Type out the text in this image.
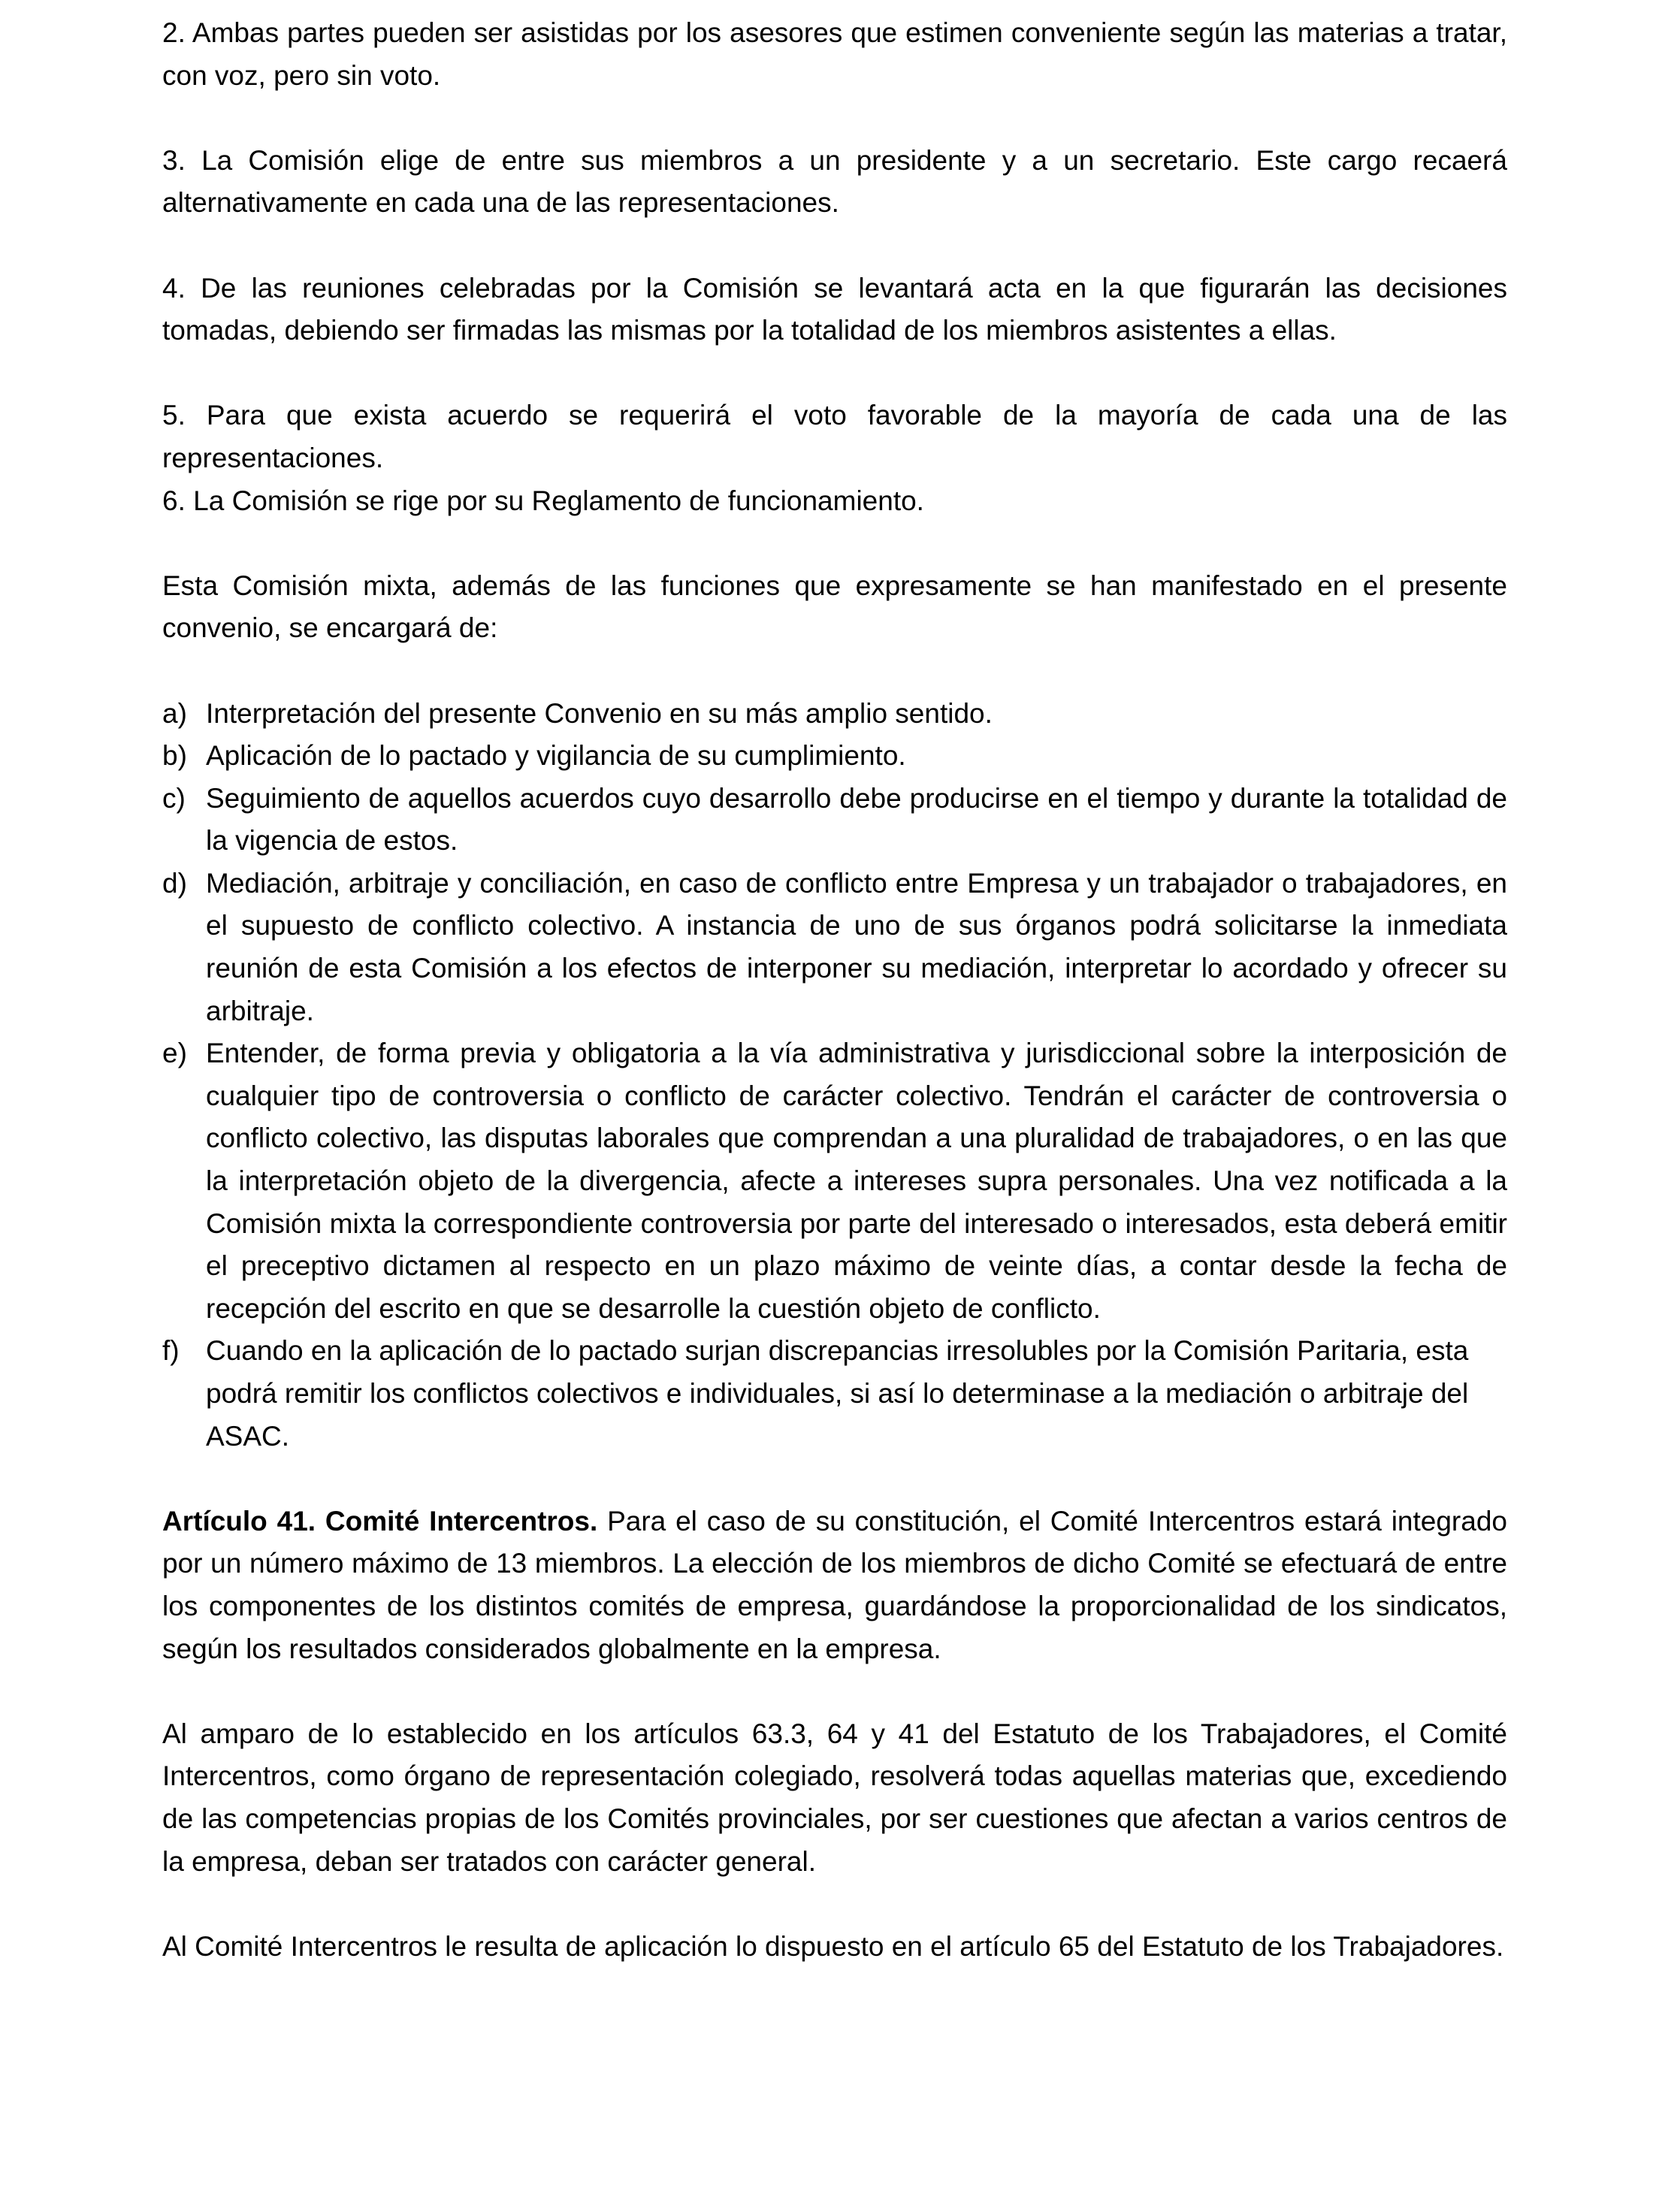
2. Ambas partes pueden ser asistidas por los asesores que estimen conveniente según las materias a tratar, con voz, pero sin voto.

3. La Comisión elige de entre sus miembros a un presidente y a un secretario. Este cargo recaerá alternativamente en cada una de las representaciones.

4. De las reuniones celebradas por la Comisión se levantará acta en la que figurarán las decisiones tomadas, debiendo ser firmadas las mismas por la totalidad de los miembros asistentes a ellas.

5. Para que exista acuerdo se requerirá el voto favorable de la mayoría de cada una de las representaciones.

6. La Comisión se rige por su Reglamento de funcionamiento.

Esta Comisión mixta, además de las funciones que expresamente se han manifestado en el presente convenio, se encargará de:

a) Interpretación del presente Convenio en su más amplio sentido.
b) Aplicación de lo pactado y vigilancia de su cumplimiento.
c) Seguimiento de aquellos acuerdos cuyo desarrollo debe producirse en el tiempo y durante la totalidad de la vigencia de estos.
d) Mediación, arbitraje y conciliación, en caso de conflicto entre Empresa y un trabajador o trabajadores, en el supuesto de conflicto colectivo. A instancia de uno de sus órganos podrá solicitarse la inmediata reunión de esta Comisión a los efectos de interponer su mediación, interpretar lo acordado y ofrecer su arbitraje.
e) Entender, de forma previa y obligatoria a la vía administrativa y jurisdiccional sobre la interposición de cualquier tipo de controversia o conflicto de carácter colectivo. Tendrán el carácter de controversia o conflicto colectivo, las disputas laborales que comprendan a una pluralidad de trabajadores, o en las que la interpretación objeto de la divergencia, afecte a intereses supra personales. Una vez notificada a la Comisión mixta la correspondiente controversia por parte del interesado o interesados, esta deberá emitir el preceptivo dictamen al respecto en un plazo máximo de veinte días, a contar desde la fecha de recepción del escrito en que se desarrolle la cuestión objeto de conflicto.
f) Cuando en la aplicación de lo pactado surjan discrepancias irresolubles por la Comisión Paritaria, esta podrá remitir los conflictos colectivos e individuales, si así lo determinase a la mediación o arbitraje del ASAC.

Artículo 41. Comité Intercentros. Para el caso de su constitución, el Comité Intercentros estará integrado por un número máximo de 13 miembros. La elección de los miembros de dicho Comité se efectuará de entre los componentes de los distintos comités de empresa, guardándose la proporcionalidad de los sindicatos, según los resultados considerados globalmente en la empresa.

Al amparo de lo establecido en los artículos 63.3, 64 y 41 del Estatuto de los Trabajadores, el Comité Intercentros, como órgano de representación colegiado, resolverá todas aquellas materias que, excediendo de las competencias propias de los Comités provinciales, por ser cuestiones que afectan a varios centros de la empresa, deban ser tratados con carácter general.

Al Comité Intercentros le resulta de aplicación lo dispuesto en el artículo 65 del Estatuto de los Trabajadores.
